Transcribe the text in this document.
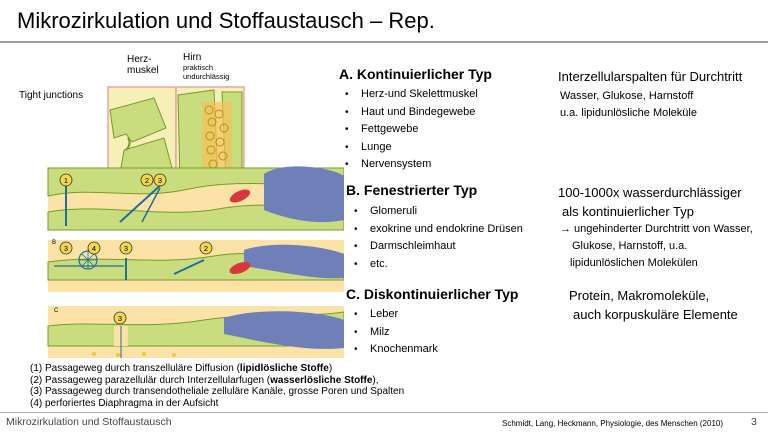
Mikrozirkulation und Stoffaustausch – Rep.
1	2 3
3	4	3	2
3
B
C
Herz-
muskel
Hirn
praktisch
undurchlässig
Tight junctions
A. Kontinuierlicher Typ
• Herz-und Skelettmuskel
• Haut und Bindegewebe
• Fettgewebe
• Lunge
• Nervensystem
Interzellularspalten für Durchtritt
Wasser, Glukose, Harnstoff
u.a. lipidunlösliche Moleküle
B. Fenestrierter Typ
• Glomeruli
• exokrine und endokrine Drüsen
• Darmschleimhaut
• etc.
100-1000x wasserdurchlässiger
als kontinuierlicher Typ
→ ungehinderter Durchtritt von Wasser,
Glukose, Harnstoff, u.a.
lipidunlöslichen Molekülen
C. Diskontinuierlicher Typ
• Leber
• Milz
• Knochenmark
Protein, Makromoleküle,
auch korpuskuläre Elemente
(1) Passageweg durch transzelluläre Diffusion (lipidlösliche Stoffe)
(2) Passageweg parazellulär durch Interzellularfugen (wasserlösliche Stoffe),
(3) Passageweg durch transendotheliale zelluläre Kanäle, grosse Poren und Spalten
(4) perforiertes Diaphragma in der Aufsicht
Mikrozirkulation und Stoffaustausch	Schmidt, Lang, Heckmann, Physiologie, des Menschen (2010)	3
